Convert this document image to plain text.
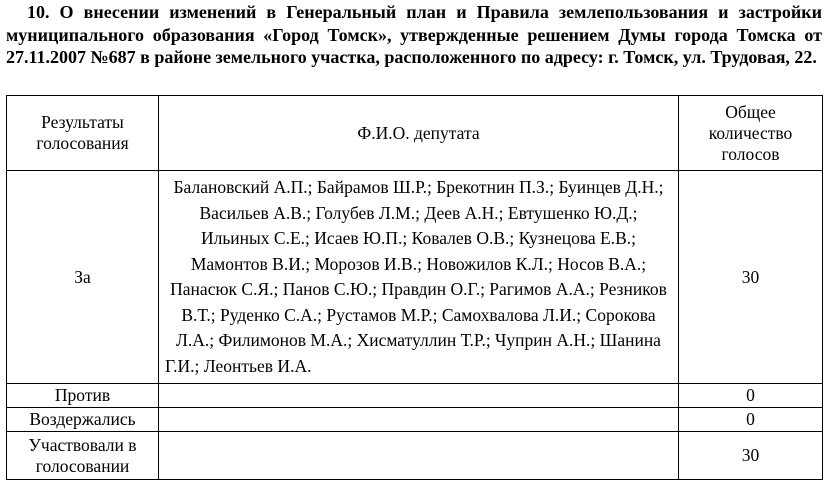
10. О внесении изменений в Генеральный план и Правила землепользования и застройки муниципального образования «Город Томск», утвержденные решением Думы города Томска от 27.11.2007 №687 в районе земельного участка, расположенного по адресу: г. Томск, ул. Трудовая, 22.
Результаты голосования	Ф.И.О. депутата	Общее количество голосов
За	Балановский А.П.; Байрамов Ш.Р.; Брекотнин П.З.; Буинцев Д.Н.; Васильев А.В.; Голубев Л.М.; Деев А.Н.; Евтушенко Ю.Д.; Ильиных С.Е.; Исаев Ю.П.; Ковалев О.В.; Кузнецова Е.В.; Мамонтов В.И.; Морозов И.В.; Новожилов К.Л.; Носов В.А.; Панасюк С.Я.; Панов С.Ю.; Правдин О.Г.; Рагимов А.А.; Резников В.Т.; Руденко С.А.; Рустамов М.Р.; Самохвалова Л.И.; Сорокова Л.А.; Филимонов М.А.; Хисматуллин Т.Р.; Чуприн А.Н.; Шанина Г.И.; Леонтьев И.А.	30
Против		0
Воздержались		0
Участвовали в голосовании		30
